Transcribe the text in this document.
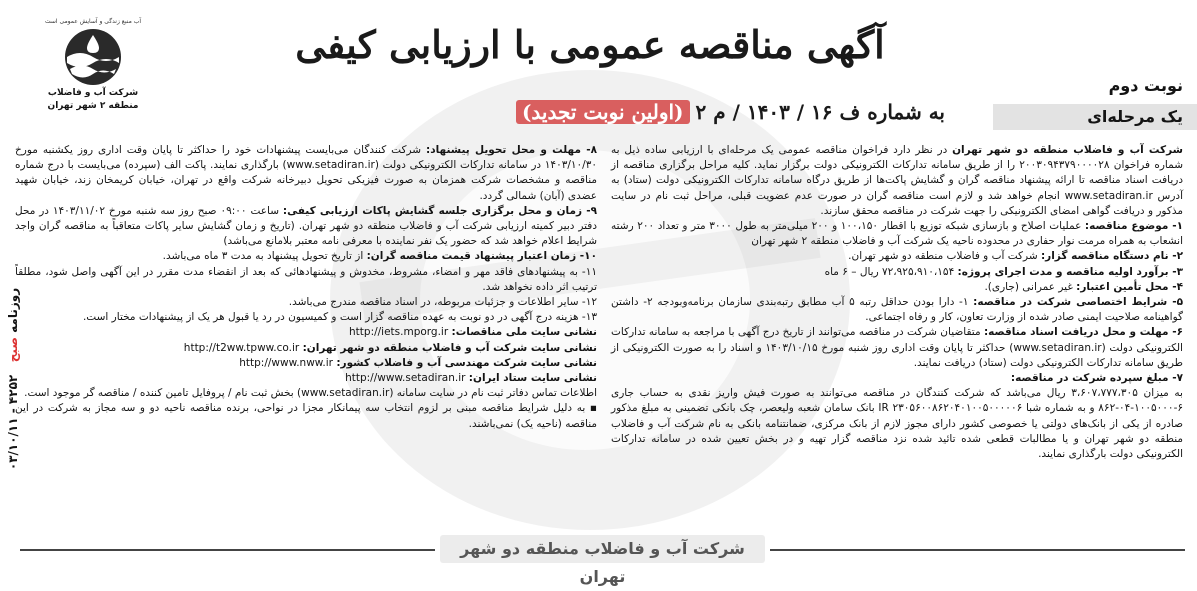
آب منبع زندگی و آسایش عمومی است
شرکت آب و فاضلاب
منطقه ۲ شهر تهران
آگهی مناقصه عمومی با ارزیابی کیفی
به شماره ف ۱۶ / ۱۴۰۳ / م ۲(اولین نوبت تجدید)
نوبت دوم
یک مرحله‌ای

شرکت آب و فاضلاب منطقه دو شهر تهران در نظر دارد فراخوان مناقصه عمومی یک مرحله‌ای با ارزیابی ساده ذیل به شماره فراخوان ۲۰۰۳۰۹۴۳۷۹۰۰۰۰۲۸ را از طریق سامانه تدارکات الکترونیکی دولت برگزار نماید. کلیه مراحل برگزاری مناقصه از دریافت اسناد مناقصه تا ارائه پیشنهاد مناقصه گران و گشایش پاکت‌ها از طریق درگاه سامانه تدارکات الکترونیکی دولت (ستاد) به آدرس www.setadiran.ir انجام خواهد شد و لازم است مناقصه گران در صورت عدم عضویت قبلی، مراحل ثبت نام در سایت مذکور و دریافت گواهی امضای الکترونیکی را جهت شرکت در مناقصه محقق سازند.

۱- موضوع مناقصه: عملیات اصلاح و بازسازی شبکه توزیع با اقطار ۱۰۰،۱۵۰ و ۲۰۰ میلی‌متر به طول ۳۰۰۰ متر و تعداد ۲۰۰ رشته انشعاب به همراه مرمت نوار حفاری در محدوده ناحیه یک شرکت آب و فاضلاب منطقه ۲ شهر تهران

۲- نام دستگاه مناقصه گزار: شرکت آب و فاضلاب منطقه دو شهر تهران.

۳- برآورد اولیه مناقصه و مدت اجرای پروژه: ۷۲،۹۲۵،۹۱۰،۱۵۴ ریال – ۶ ماه

۴- محل تأمین اعتبار: غیر عمرانی (جاری).

۵- شرایط اختصاصی شرکت در مناقصه: ۱- دارا بودن حداقل رتبه ۵ آب مطابق رتبه‌بندی سازمان برنامه‌وبودجه ۲- داشتن گواهینامه صلاحیت ایمنی صادر شده از وزارت تعاون، کار و رفاه اجتماعی.

۶- مهلت و محل دریافت اسناد مناقصه: متقاضیان شرکت در مناقصه می‌توانند از تاریخ درج آگهی با مراجعه به سامانه تدارکات الکترونیکی دولت (www.setadiran.ir) حداکثر تا پایان وقت اداری روز شنبه مورخ ۱۴۰۳/۱۰/۱۵ و اسناد را به صورت الکترونیکی از طریق سامانه تدارکات الکترونیکی دولت (ستاد) دریافت نمایند.

۷- مبلغ سپرده شرکت در مناقصه:

به میزان ۳،۶۰۷،۷۷۷،۳۰۵ ریال می‌باشد که شرکت کنندگان در مناقصه می‌توانند به صورت فیش واریز نقدی به حساب جاری ۶-۱۰۰۵۰۰۰-۰۴-۸۶۲ و به شماره شبا IR ۲۳۰۵۶۰۰۸۶۲۰۴۰۱۰۰۵۰۰۰۰۰۶ بانک سامان شعبه ولیعصر، چک بانکی تضمینی به مبلغ مذکور صادره از یکی از بانک‌های دولتی یا خصوصی کشور دارای مجوز لازم از بانک مرکزی، ضمانتنامه بانکی به نام شرکت آب و فاضلاب منطقه دو شهر تهران و یا مطالبات قطعی شده تائید شده نزد مناقصه گزار تهیه و در بخش تعیین شده در سامانه تدارکات الکترونیکی دولت بارگذاری نمایند.

۸- مهلت و محل تحویل پیشنهاد: شرکت کنندگان می‌بایست پیشنهادات خود را حداکثر تا پایان وقت اداری روز یکشنبه مورخ ۱۴۰۳/۱۰/۳۰ در سامانه تدارکات الکترونیکی دولت (www.setadiran.ir) بارگذاری نمایند. پاکت الف (سپرده) می‌بایست با درج شماره مناقصه و مشخصات شرکت همزمان به صورت فیزیکی تحویل دبیرخانه شرکت واقع در تهران، خیابان کریمخان زند، خیابان شهید عضدی (آبان) شمالی گردد.

۹- زمان و محل برگزاری جلسه گشایش پاکات ارزیابی کیفی: ساعت ۰۹:۰۰ صبح روز سه شنبه مورخ ۱۴۰۳/۱۱/۰۲ در محل دفتر دبیر کمیته ارزیابی شرکت آب و فاضلاب منطقه دو شهر تهران. (تاریخ و زمان گشایش سایر پاکات متعاقباً به مناقصه گران واجد شرایط اعلام خواهد شد که حضور یک نفر نماینده با معرفی نامه معتبر بلامانع می‌باشد)

۱۰- زمان اعتبار پیشنهاد قیمت مناقصه گران: از تاریخ تحویل پیشنهاد به مدت ۳ ماه می‌باشد.

۱۱- به پیشنهادهای فاقد مهر و امضاء، مشروط، مخدوش و پیشنهادهائی که بعد از انقضاء مدت مقرر در این آگهی واصل شود، مطلقاً ترتیب اثر داده نخواهد شد.

۱۲- سایر اطلاعات و جزئیات مربوطه، در اسناد مناقصه مندرج می‌باشد.

۱۳- هزینه درج آگهی در دو نوبت به عهده مناقصه گزار است و کمیسیون در رد یا قبول هر یک از پیشنهادات مختار است.

نشانی سایت ملی مناقصات: http://iets.mporg.ir

نشانی سایت شرکت آب و فاضلاب منطقه دو شهر تهران: http://t2ww.tpww.co.ir

نشانی سایت شرکت مهندسی آب و فاضلاب کشور: http://www.nww.ir

نشانی سایت ستاد ایران: http://www.setadiran.ir

اطلاعات تماس دفاتر ثبت نام در سایت سامانه (www.setadiran.ir) بخش ثبت نام / پروفایل تامین کننده / مناقصه گر موجود است.

▪ به دلیل شرایط مناقصه مبنی بر لزوم انتخاب سه پیمانکار مجزا در نواحی، برنده مناقصه ناحیه دو و سه مجاز به شرکت در این مناقصه (ناحیه یک) نمی‌باشند.

شرکت آب و فاضلاب منطقه دو شهر تهران
روزنامه صبح   ۴۲۵۲ - ۰۳/۱۰/۱۱
